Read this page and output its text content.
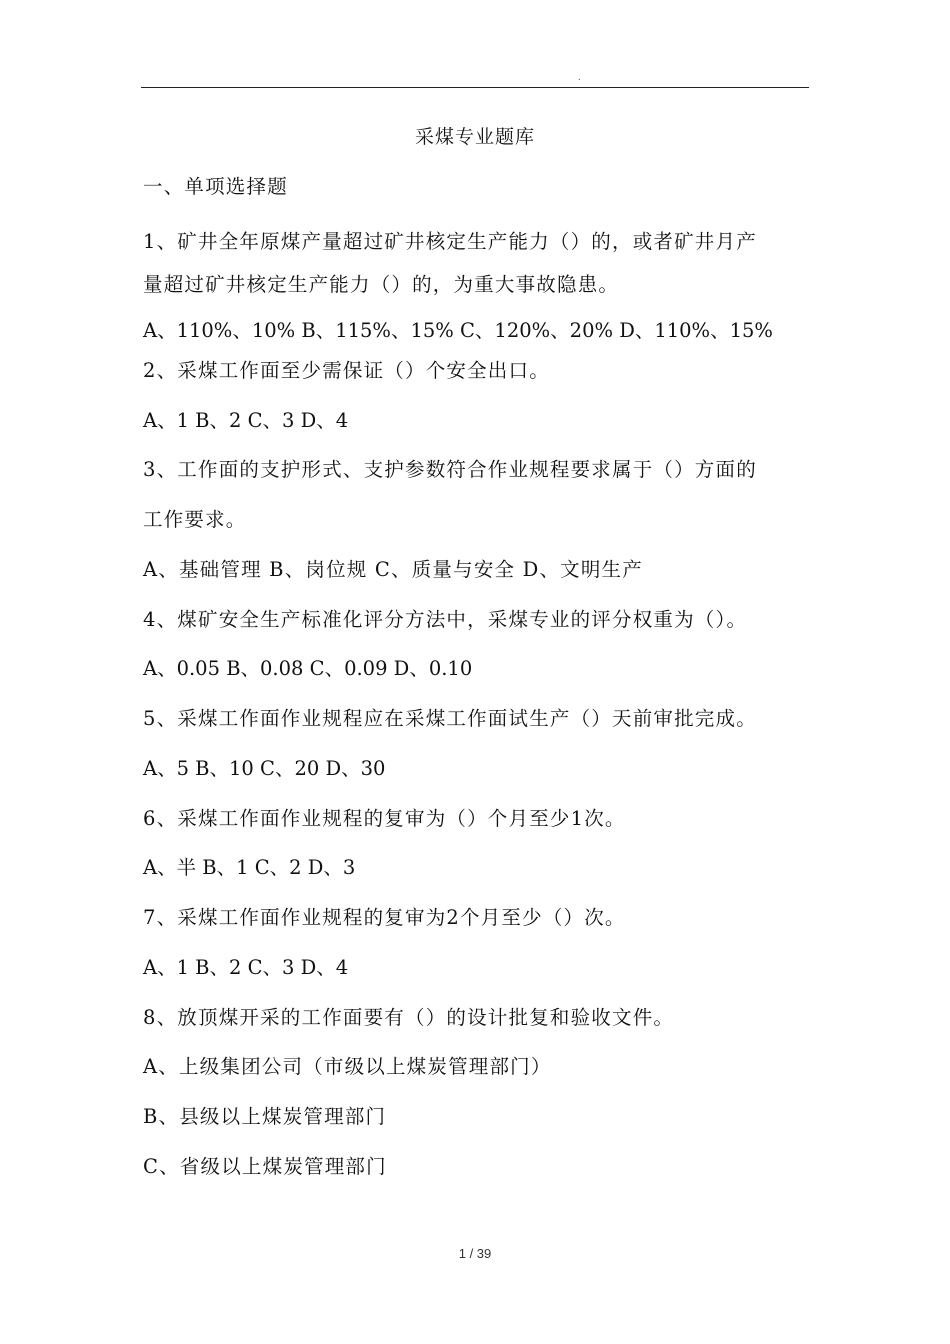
.
采煤专业题库
一、单项选择题
1、矿井全年原煤产量超过矿井核定生产能力（）的，或者矿井月产
量超过矿井核定生产能力（）的，为重大事故隐患。
A、110%、10% B、115%、15% C、120%、20% D、110%、15%
2、采煤工作面至少需保证（）个安全出口。
A、1 B、2 C、3 D、4
3、工作面的支护形式、支护参数符合作业规程要求属于（）方面的
工作要求。
A、基础管理 B、岗位规 C、质量与安全 D、文明生产
4、煤矿安全生产标准化评分方法中，采煤专业的评分权重为（）。
A、0.05 B、0.08 C、0.09 D、0.10
5、采煤工作面作业规程应在采煤工作面试生产（）天前审批完成。
A、5 B、10 C、20 D、30
6、采煤工作面作业规程的复审为（）个月至少1次。
A、半 B、1 C、2 D、3
7、采煤工作面作业规程的复审为2个月至少（）次。
A、1 B、2 C、3 D、4
8、放顶煤开采的工作面要有（）的设计批复和验收文件。
A、上级集团公司（市级以上煤炭管理部门）
B、县级以上煤炭管理部门
C、省级以上煤炭管理部门
1 / 39
